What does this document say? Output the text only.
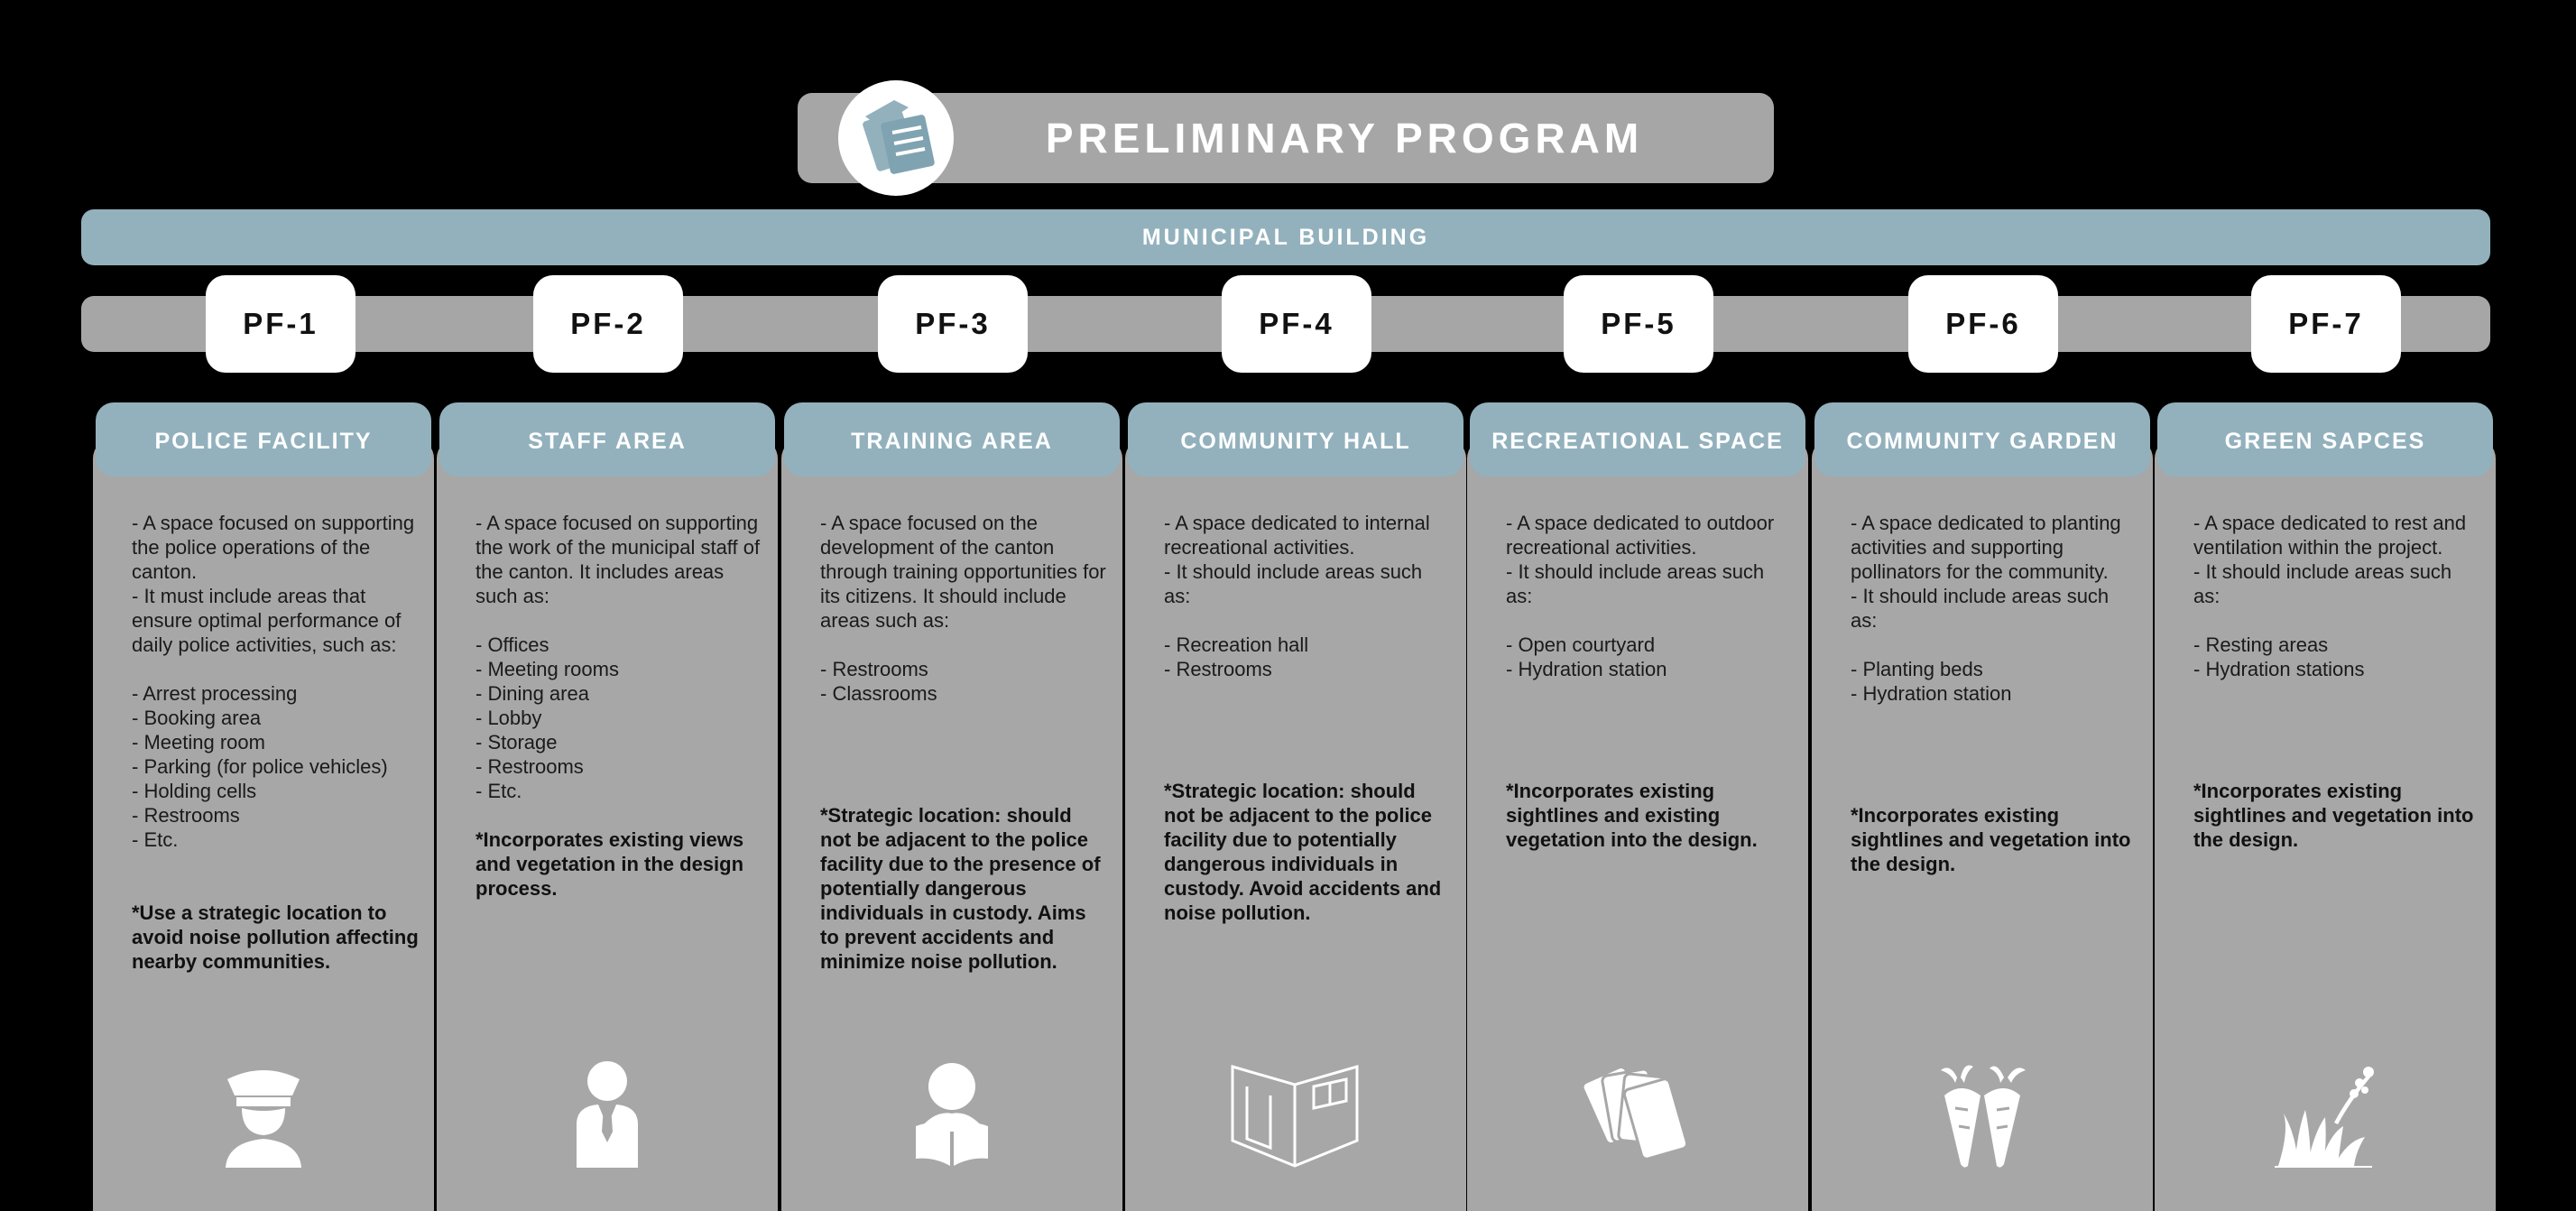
PRELIMINARY PROGRAM
MUNICIPAL BUILDING
PF-1	PF-2	PF-3	PF-4	PF-5	PF-6	PF-7
POLICE FACILITY
- A space focused on supporting the police operations of the canton.
- It must include areas that ensure optimal performance of daily police activities, such as:

- Arrest processing
- Booking area
- Meeting room
- Parking (for police vehicles)
- Holding cells
- Restrooms
- Etc.
*Use a strategic location to avoid noise pollution affecting nearby communities.
STAFF AREA
- A space focused on supporting the work of the municipal staff of the canton. It includes areas such as:

- Offices
- Meeting rooms
- Dining area
- Lobby
- Storage
- Restrooms
- Etc.
*Incorporates existing views and vegetation in the design process.
TRAINING AREA
- A space focused on the development of the canton through training opportunities for its citizens. It should include areas such as:

- Restrooms
- Classrooms
*Strategic location: should not be adjacent to the police facility due to the presence of potentially dangerous individuals in custody. Aims to prevent accidents and minimize noise pollution.
COMMUNITY HALL
- A space dedicated to internal recreational activities.
- It should include areas such as:

- Recreation hall
- Restrooms
*Strategic location: should not be adjacent to the police facility due to potentially dangerous individuals in custody. Avoid accidents and noise pollution.
RECREATIONAL SPACE
- A space dedicated to outdoor recreational activities.
- It should include areas such as:

- Open courtyard
- Hydration station
*Incorporates existing sightlines and existing vegetation into the design.
COMMUNITY GARDEN
- A space dedicated to planting activities and supporting pollinators for the community.
- It should include areas such as:

- Planting beds
- Hydration station
*Incorporates existing sightlines and vegetation into the design.
GREEN SAPCES
- A space dedicated to rest and ventilation within the project.
- It should include areas such as:

- Resting areas
- Hydration stations
*Incorporates existing sightlines and vegetation into the design.
